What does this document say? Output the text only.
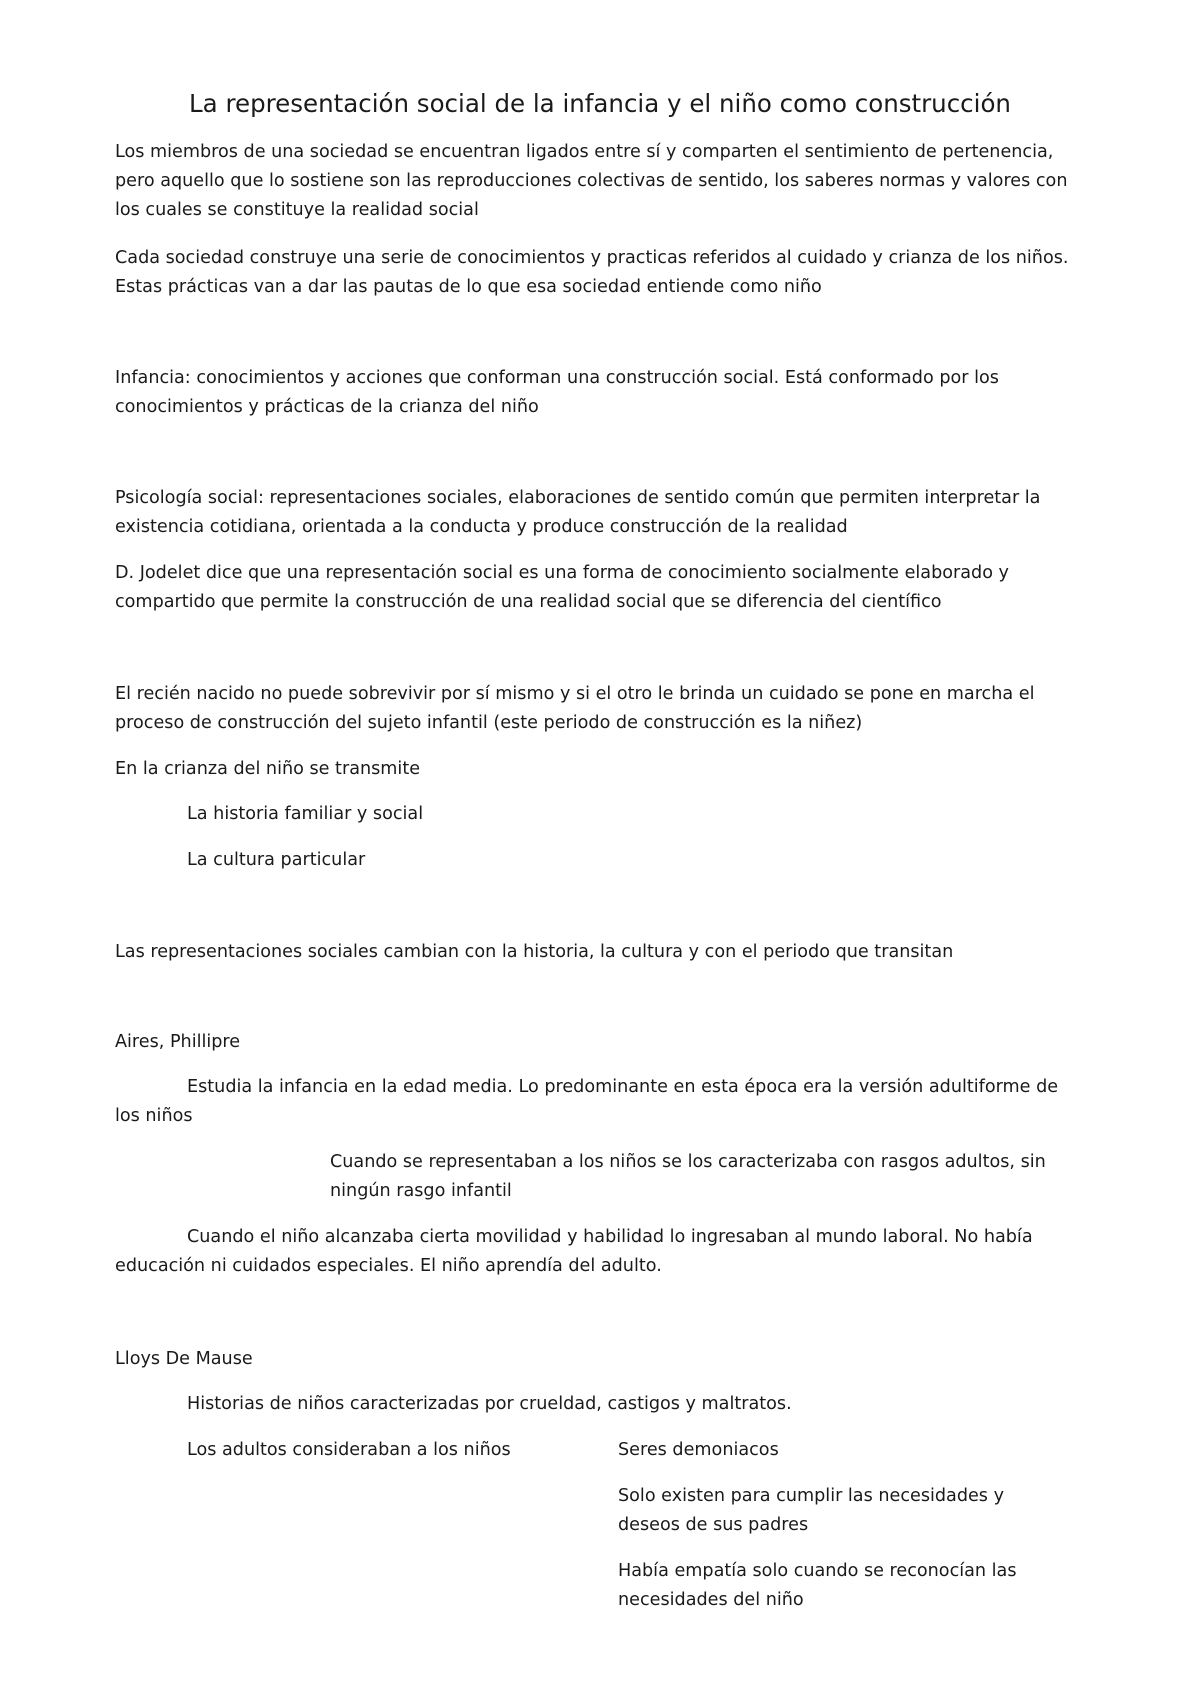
La representación social de la infancia y el niño como construcción

Los miembros de una sociedad se encuentran ligados entre sí y comparten el sentimiento de pertenencia, pero aquello que lo sostiene son las reproducciones colectivas de sentido, los saberes normas y valores con los cuales se constituye la realidad social

Cada sociedad construye una serie de conocimientos y practicas referidos al cuidado y crianza de los niños. Estas prácticas van a dar las pautas de lo que esa sociedad entiende como niño

Infancia: conocimientos y acciones que conforman una construcción social. Está conformado por los conocimientos y prácticas de la crianza del niño

Psicología social: representaciones sociales, elaboraciones de sentido común que permiten interpretar la existencia cotidiana, orientada a la conducta y produce construcción de la realidad

D. Jodelet dice que una representación social es una forma de conocimiento socialmente elaborado y compartido que permite la construcción de una realidad social que se diferencia del científico

El recién nacido no puede sobrevivir por sí mismo y si el otro le brinda un cuidado se pone en marcha el proceso de construcción del sujeto infantil (este periodo de construcción es la niñez)

En la crianza del niño se transmite

La historia familiar y social

La cultura particular

Las representaciones sociales cambian con la historia, la cultura y con el periodo que transitan

Aires, Phillipre

Estudia la infancia en la edad media. Lo predominante en esta época era la versión adultiforme de los niños

Cuando se representaban a los niños se los caracterizaba con rasgos adultos, sin ningún rasgo infantil

Cuando el niño alcanzaba cierta movilidad y habilidad lo ingresaban al mundo laboral. No había educación ni cuidados especiales. El niño aprendía del adulto.

Lloys De Mause

Historias de niños caracterizadas por crueldad, castigos y maltratos.

Los adultos consideraban a los niños	Seres demoniacos

Solo existen para cumplir las necesidades y deseos de sus padres

Había empatía solo cuando se reconocían las necesidades del niño
